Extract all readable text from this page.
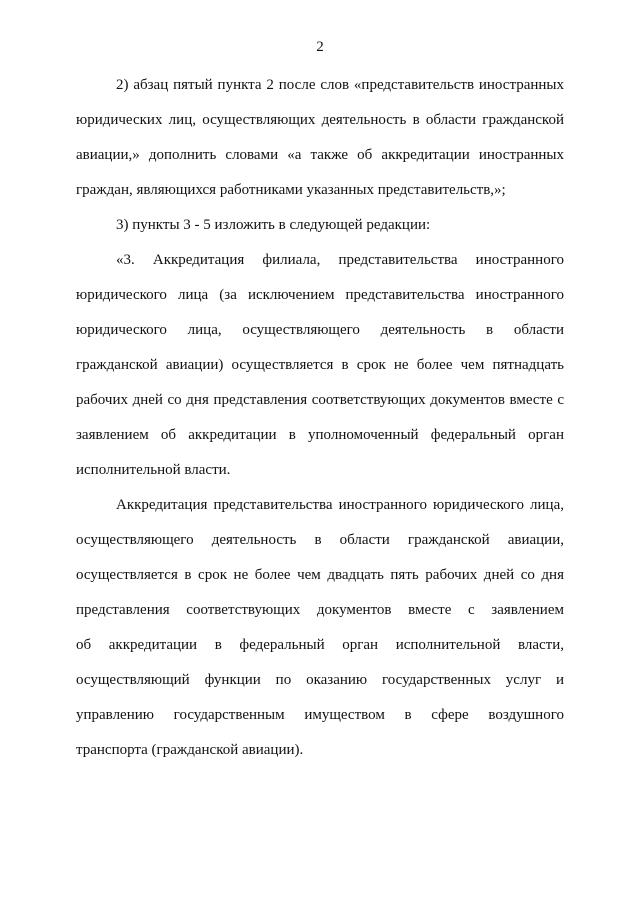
2
2) абзац пятый пункта 2 после слов «представительств иностранных
юридических лиц, осуществляющих деятельность в области гражданской
авиации,» дополнить словами «а также об аккредитации иностранных
граждан, являющихся работниками указанных представительств,»;
3) пункты 3 - 5 изложить в следующей редакции:
«3. Аккредитация филиала, представительства иностранного
юридического лица (за исключением представительства иностранного
юридического лица, осуществляющего деятельность в области
гражданской авиации) осуществляется в срок не более чем пятнадцать
рабочих дней со дня представления соответствующих документов вместе с
заявлением об аккредитации в уполномоченный федеральный орган
исполнительной власти.
Аккредитация представительства иностранного юридического лица,
осуществляющего деятельность в области гражданской авиации,
осуществляется в срок не более чем двадцать пять рабочих дней со дня
представления соответствующих документов вместе с заявлением
об аккредитации в федеральный орган исполнительной власти,
осуществляющий функции по оказанию государственных услуг и
управлению государственным имуществом в сфере воздушного
транспорта (гражданской авиации).
